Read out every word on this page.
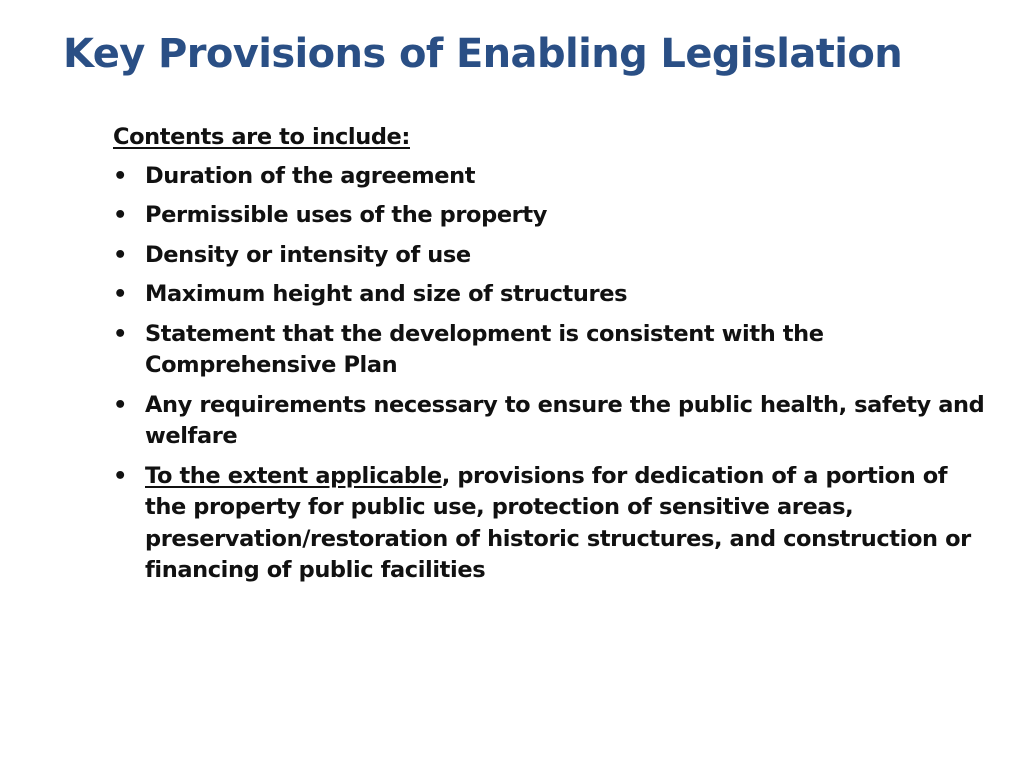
Key Provisions of Enabling Legislation

Contents are to include:

• Duration of the agreement
• Permissible uses of the property
• Density or intensity of use
• Maximum height and size of structures
• Statement that the development is consistent with the Comprehensive Plan
• Any requirements necessary to ensure the public health, safety and welfare
• To the extent applicable, provisions for dedication of a portion of the property for public use, protection of sensitive areas, preservation/restoration of historic structures, and construction or financing of public facilities
